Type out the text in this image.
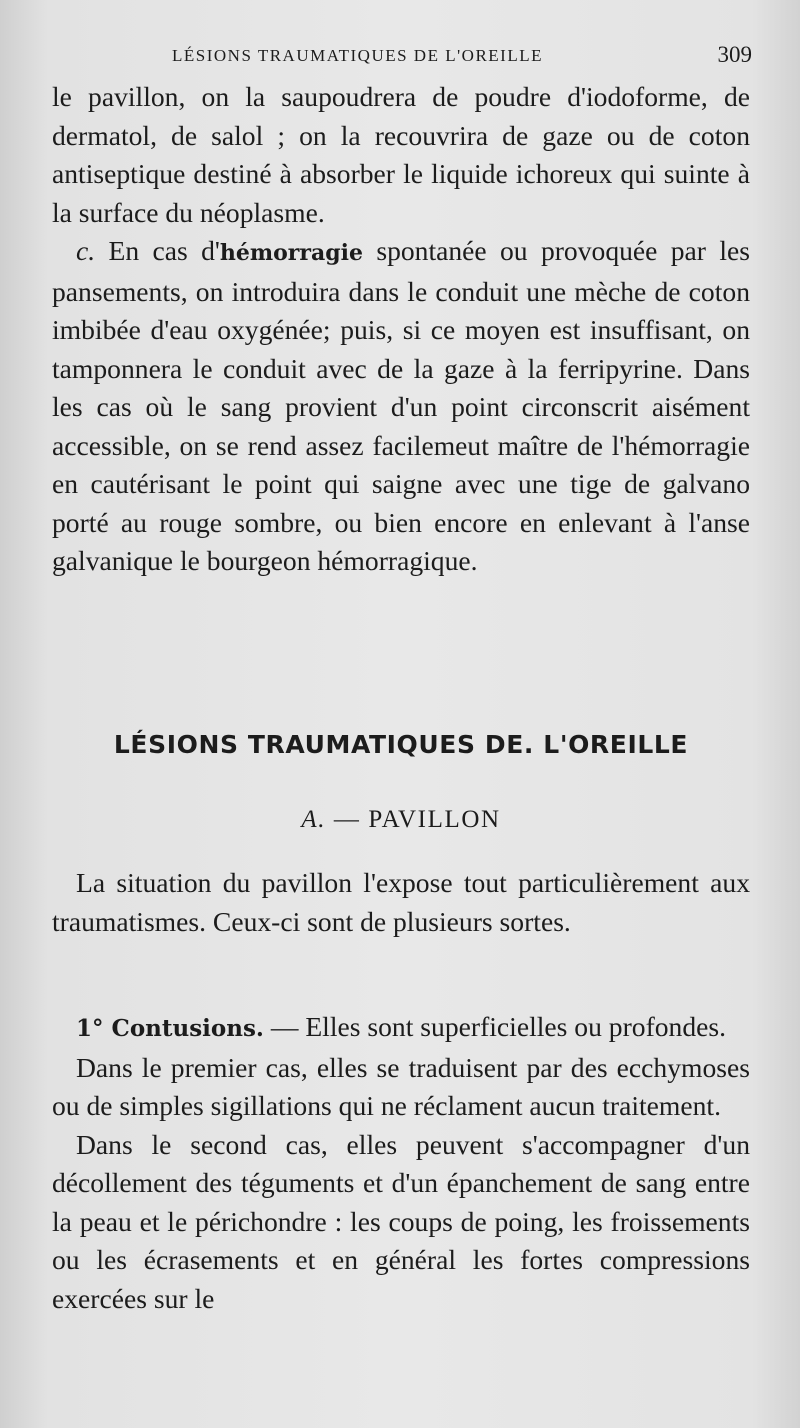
LÉSIONS TRAUMATIQUES DE L'OREILLE	309

le pavillon, on la saupoudrera de poudre d'iodoforme, de dermatol, de salol ; on la recouvrira de gaze ou de coton antiseptique destiné à absorber le liquide ichoreux qui suinte à la surface du néoplasme.

c. En cas d'hémorragie spontanée ou provoquée par les pansements, on introduira dans le conduit une mèche de coton imbibée d'eau oxygénée; puis, si ce moyen est insuffisant, on tamponnera le conduit avec de la gaze à la ferripyrine. Dans les cas où le sang provient d'un point circonscrit aisément accessible, on se rend assez facilemeut maître de l'hémorragie en cautérisant le point qui saigne avec une tige de galvano porté au rouge sombre, ou bien encore en enlevant à l'anse galvanique le bourgeon hémorragique.

LÉSIONS TRAUMATIQUES DE. L'OREILLE
A. — PAVILLON

La situation du pavillon l'expose tout particulièrement aux traumatismes. Ceux-ci sont de plusieurs sortes.

1° Contusions. — Elles sont superficielles ou profondes.

Dans le premier cas, elles se traduisent par des ecchymoses ou de simples sigillations qui ne réclament aucun traitement.

Dans le second cas, elles peuvent s'accompagner d'un décollement des téguments et d'un épanchement de sang entre la peau et le périchondre : les coups de poing, les froissements ou les écrasements et en général les fortes compressions exercées sur le
